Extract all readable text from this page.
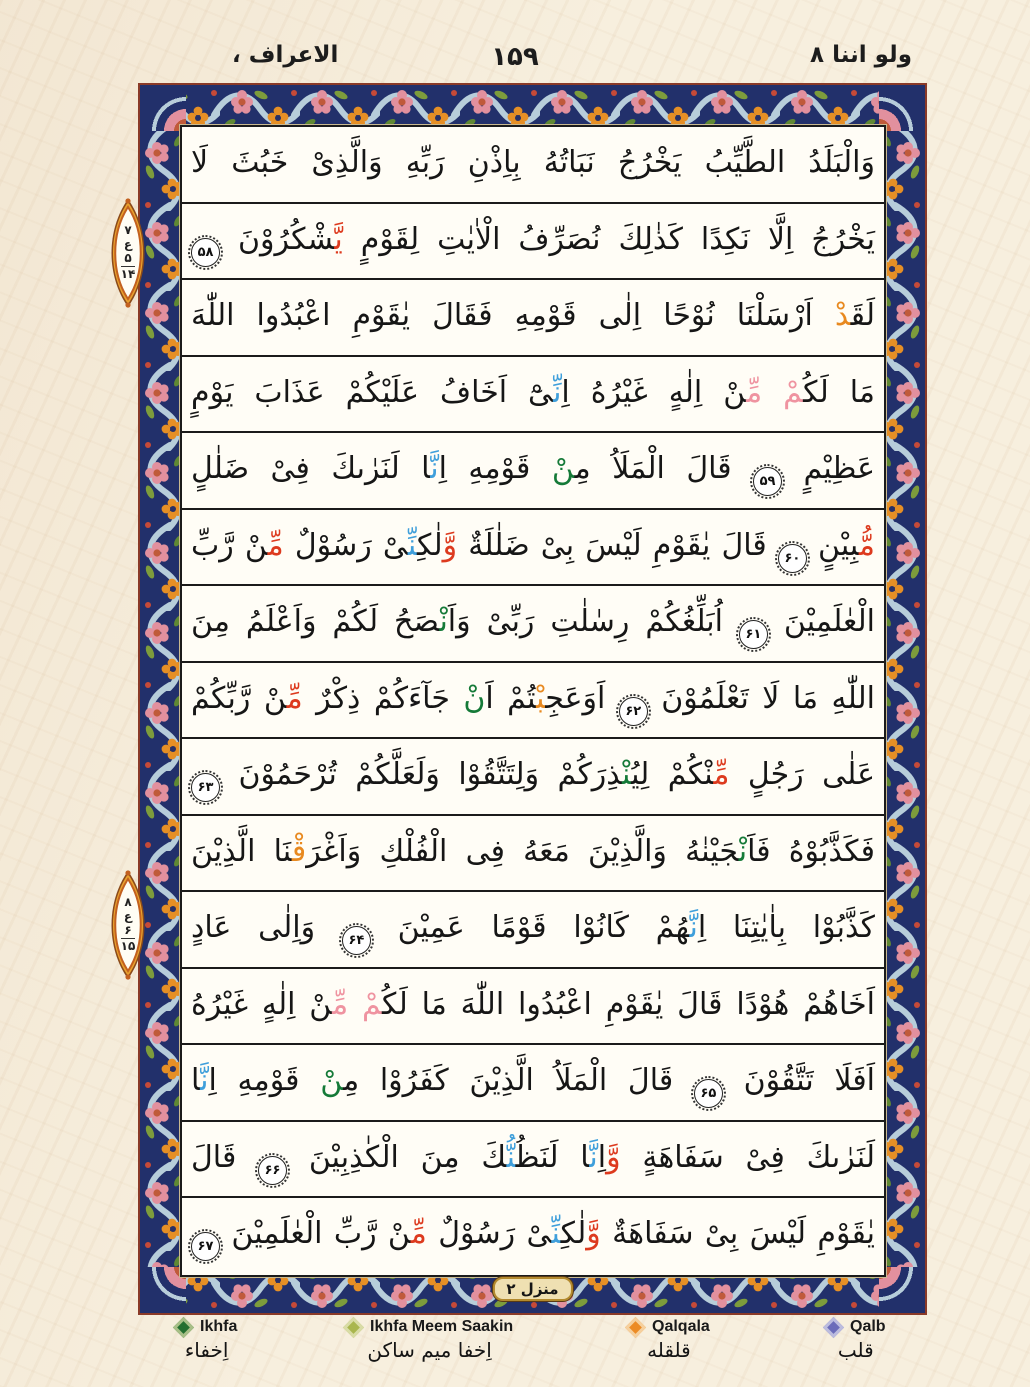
الاعراف ،	۱۵۹	ولو اننا ۸
منزل ۲
۷
ع
۵
۱۴
۸
ع
۶
۱۵
وَالْبَلَدُ الطَّيِّبُ يَخْرُجُ نَبَاتُهُ بِاِذْنِ رَبِّهِ وَالَّذِىْ خَبُثَ لَا
يَخْرُجُ اِلَّا نَكِدًا كَذٰلِكَ نُصَرِّفُ الْاٰيٰتِ لِقَوْمٍ يَّشْكُرُوْنَ ۵۸
لَقَدْ اَرْسَلْنَا نُوْحًا اِلٰى قَوْمِهِ فَقَالَ يٰقَوْمِ اعْبُدُوا اللّٰهَ
مَا لَكُمْ مِّنْ اِلٰهٍ غَيْرُهُ اِنِّىْٓ اَخَافُ عَلَيْكُمْ عَذَابَ يَوْمٍ
عَظِيْمٍ ۵۹ قَالَ الْمَلَاُ مِنْ قَوْمِهِ اِنَّا لَنَرٰىكَ فِىْ ضَلٰلٍ
مُّبِيْنٍ ۶۰ قَالَ يٰقَوْمِ لَيْسَ بِىْ ضَلٰلَةٌ وَّلٰكِنِّىْ رَسُوْلٌ مِّنْ رَّبِّ
الْعٰلَمِيْنَ ۶۱ اُبَلِّغُكُمْ رِسٰلٰتِ رَبِّىْ وَاَنْصَحُ لَكُمْ وَاَعْلَمُ مِنَ
اللّٰهِ مَا لَا تَعْلَمُوْنَ ۶۲ اَوَعَجِبْتُمْ اَنْ جَآءَكُمْ ذِكْرٌ مِّنْ رَّبِّكُمْ
عَلٰى رَجُلٍ مِّنْكُمْ لِيُنْذِرَكُمْ وَلِتَتَّقُوْا وَلَعَلَّكُمْ تُرْحَمُوْنَ ۶۳
فَكَذَّبُوْهُ فَاَنْجَيْنٰهُ وَالَّذِيْنَ مَعَهُ فِى الْفُلْكِ وَاَغْرَقْنَا الَّذِيْنَ
كَذَّبُوْا بِاٰيٰتِنَا اِنَّهُمْ كَانُوْا قَوْمًا عَمِيْنَ ۶۴ وَاِلٰى عَادٍ
اَخَاهُمْ هُوْدًا قَالَ يٰقَوْمِ اعْبُدُوا اللّٰهَ مَا لَكُمْ مِّنْ اِلٰهٍ غَيْرُهُ
اَفَلَا تَتَّقُوْنَ ۶۵ قَالَ الْمَلَاُ الَّذِيْنَ كَفَرُوْا مِنْ قَوْمِهِ اِنَّا
لَنَرٰىكَ فِىْ سَفَاهَةٍ وَّاِنَّا لَنَظُنُّكَ مِنَ الْكٰذِبِيْنَ ۶۶ قَالَ
يٰقَوْمِ لَيْسَ بِىْ سَفَاهَةٌ وَّلٰكِنِّىْ رَسُوْلٌ مِّنْ رَّبِّ الْعٰلَمِيْنَ ۶۷
Ikhfa
اِخفاء
Ikhfa Meem Saakin
اِخفا میم ساکن
Qalqala
قلقله
Qalb
قلب
